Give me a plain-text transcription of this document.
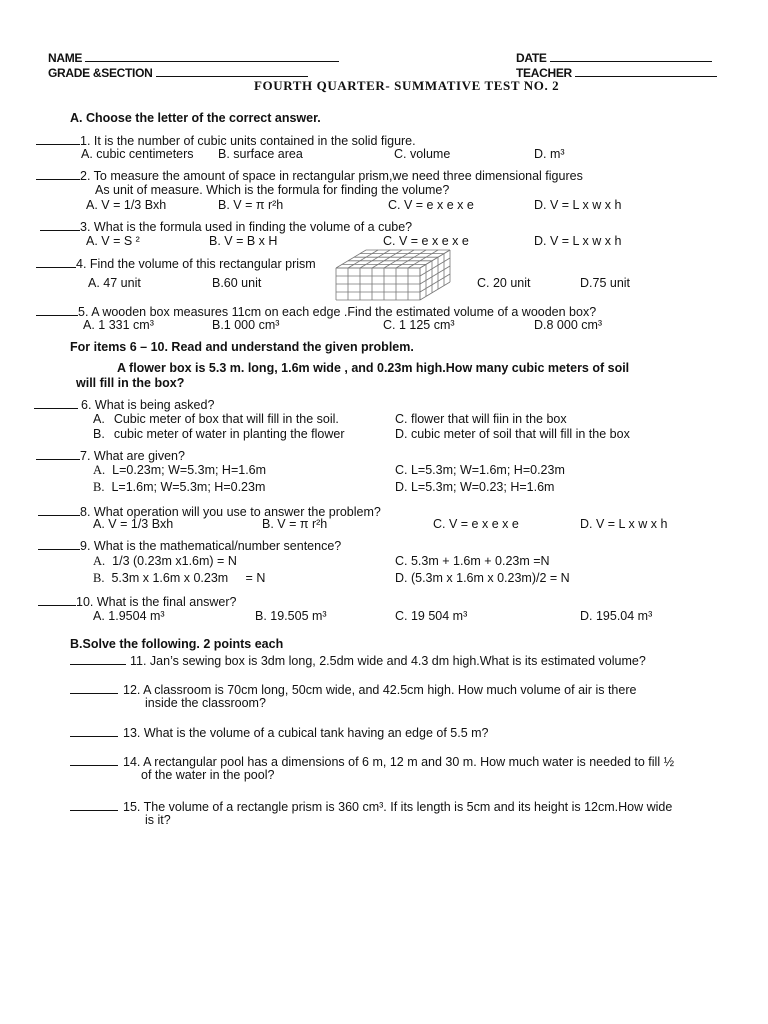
NAME
GRADE &SECTION
DATE
TEACHER
FOURTH QUARTER- SUMMATIVE TEST NO. 2
A. Choose the letter of the correct answer.
1. It is the number of cubic units contained in the solid figure.
A. cubic centimeters B. surface area	C. volume	D. m³
2. To measure the amount of space in rectangular prism,we need three dimensional figures
As unit of measure. Which is the formula for finding the volume?
A. V = 1/3 Bxh	B. V = π r²h	C. V = e x e x e	D. V = L x w x h
3. What is the formula used in finding the volume of a cube?
A. V = S ²	B. V = B x H	C. V = e x e x e	D. V = L x w x h
4. Find the volume of this rectangular prism
A. 47 unit	B.60 unit	C. 20 unit	D.75 unit
5. A wooden box measures 11cm on each edge .Find the estimated volume of a wooden box?
A. 1 331 cm³	B.1 000 cm³	C. 1 125 cm³	D.8 000 cm³
For items 6 – 10. Read and understand the given problem.
A flower box is 5.3 m. long, 1.6m wide , and 0.23m high.How many cubic meters of soil
will fill in the box?
6. What is being asked?
A. Cubic meter of box that will fill in the soil.
B. cubic meter of water in planting the flower
C. flower that will fiin in the box
D. cubic meter of soil that will fill in the box
7. What are given?
A. L=0.23m; W=5.3m; H=1.6m
B. L=1.6m; W=5.3m; H=0.23m
C. L=5.3m; W=1.6m; H=0.23m
D. L=5.3m; W=0.23; H=1.6m
8. What operation will you use to answer the problem?
A. V = 1/3 Bxh	B. V = π r²h	C. V = e x e x e	D. V = L x w x h
9. What is the mathematical/number sentence?
A. 1/3 (0.23m x1.6m) = N
B. 5.3m x 1.6m x 0.23m     = N
C. 5.3m + 1.6m + 0.23m =N
D. (5.3m x 1.6m x 0.23m)/2 = N
10. What is the final answer?
A. 1.9504 m³	B. 19.505 m³	C. 19 504 m³	D. 195.04 m³
B.Solve the following. 2 points each
11. Jan’s sewing box is 3dm long, 2.5dm wide and 4.3 dm high.What is its estimated volume?
12. A classroom is 70cm long, 50cm wide, and 42.5cm high. How much volume of air is there
inside the classroom?
13. What is the volume of a cubical tank having an edge of 5.5 m?
14. A rectangular pool has a dimensions of 6 m, 12 m and 30 m. How much water is needed to fill ½
of the water in the pool?
15. The volume of a rectangle prism is 360 cm³. If its length is 5cm and its height is 12cm.How wide
is it?
